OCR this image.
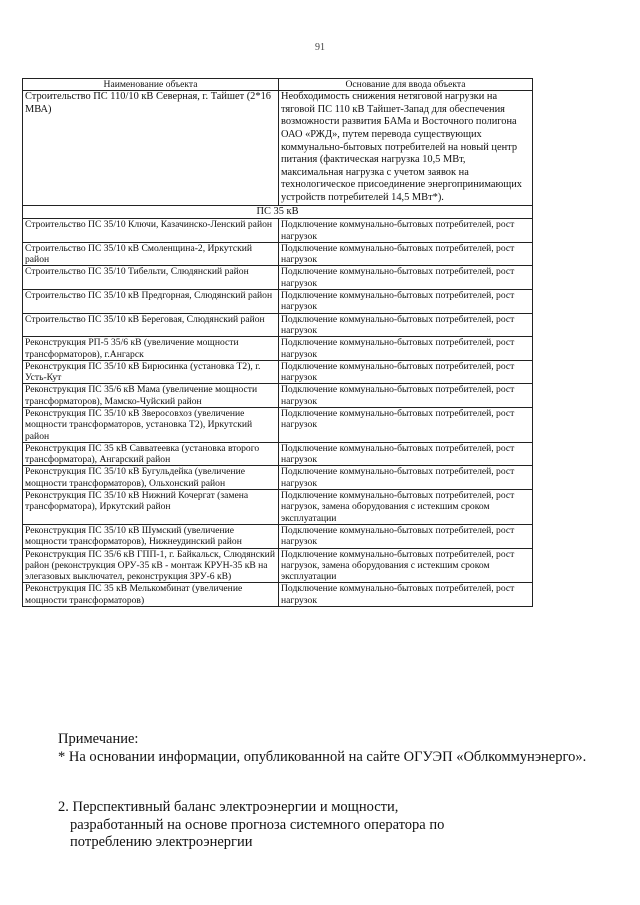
91
Наименование объекта	Основание для ввода объекта
Строительство ПС 110/10 кВ Северная, г. Тайшет (2*16 МВА)	Необходимость снижения нетяговой нагрузки на тяговой ПС 110 кВ Тайшет-Запад для обеспечения возможности развития БАМа и Восточного полигона ОАО «РЖД», путем перевода существующих коммунально-бытовых потребителей на новый центр питания (фактическая нагрузка 10,5 МВт, максимальная нагрузка с учетом заявок на технологическое присоединение энергопринимающих устройств потребителей 14,5 МВт*).
ПС 35 кВ	
Строительство ПС 35/10 Ключи, Казачинско-Ленский район	Подключение коммунально-бытовых потребителей, рост нагрузок
Строительство ПС 35/10 кВ Смоленщина-2, Иркутский район	Подключение коммунально-бытовых потребителей, рост нагрузок
Строительство ПС 35/10 Тибельти, Слюдянский район	Подключение коммунально-бытовых потребителей, рост нагрузок
Строительство ПС 35/10 кВ Предгорная, Слюдянский район	Подключение коммунально-бытовых потребителей, рост нагрузок
Строительство ПС 35/10 кВ Береговая, Слюдянский район	Подключение коммунально-бытовых потребителей, рост нагрузок
Реконструкция РП-5 35/6 кВ (увеличение мощности трансформаторов), г.Ангарск	Подключение коммунально-бытовых потребителей, рост нагрузок
Реконструкция ПС 35/10 кВ Бирюсинка (установка Т2), г. Усть-Кут	Подключение коммунально-бытовых потребителей, рост нагрузок
Реконструкция ПС 35/6 кВ Мама (увеличение мощности трансформаторов), Мамско-Чуйский район	Подключение коммунально-бытовых потребителей, рост нагрузок
Реконструкция ПС 35/10 кВ Зверосовхоз (увеличение мощности трансформаторов, установка Т2), Иркутский район	Подключение коммунально-бытовых потребителей, рост нагрузок
Реконструкция ПС 35 кВ Савватеевка (установка второго трансформатора), Ангарский район	Подключение коммунально-бытовых потребителей, рост нагрузок
Реконструкция ПС 35/10 кВ Бугульдейка (увеличение мощности трансформаторов), Ольхонский район	Подключение коммунально-бытовых потребителей, рост нагрузок
Реконструкция ПС 35/10 кВ Нижний Кочергат (замена трансформатора), Иркутский район	Подключение коммунально-бытовых потребителей, рост нагрузок, замена оборудования с истекшим сроком эксплуатации
Реконструкция ПС 35/10 кВ Шумский (увеличение мощности трансформаторов), Нижнеудинский район	Подключение коммунально-бытовых потребителей, рост нагрузок
Реконструкция ПС 35/6 кВ ГПП-1, г. Байкальск, Слюдянский район (реконструкция ОРУ-35 кВ - монтаж КРУН-35 кВ на элегазовых выключател, реконструкция ЗРУ-6 кВ)	Подключение коммунально-бытовых потребителей, рост нагрузок, замена оборудования с истекшим сроком эксплуатации
Реконструкция ПС 35 кВ Мелькомбинат (увеличение мощности трансформаторов)	Подключение коммунально-бытовых потребителей, рост нагрузок
Примечание:
* На основании информации, опубликованной на сайте ОГУЭП «Облкоммунэнерго».
2. Перспективный баланс электроэнергии и мощности,
разработанный на основе прогноза системного оператора по
потреблению электроэнергии
